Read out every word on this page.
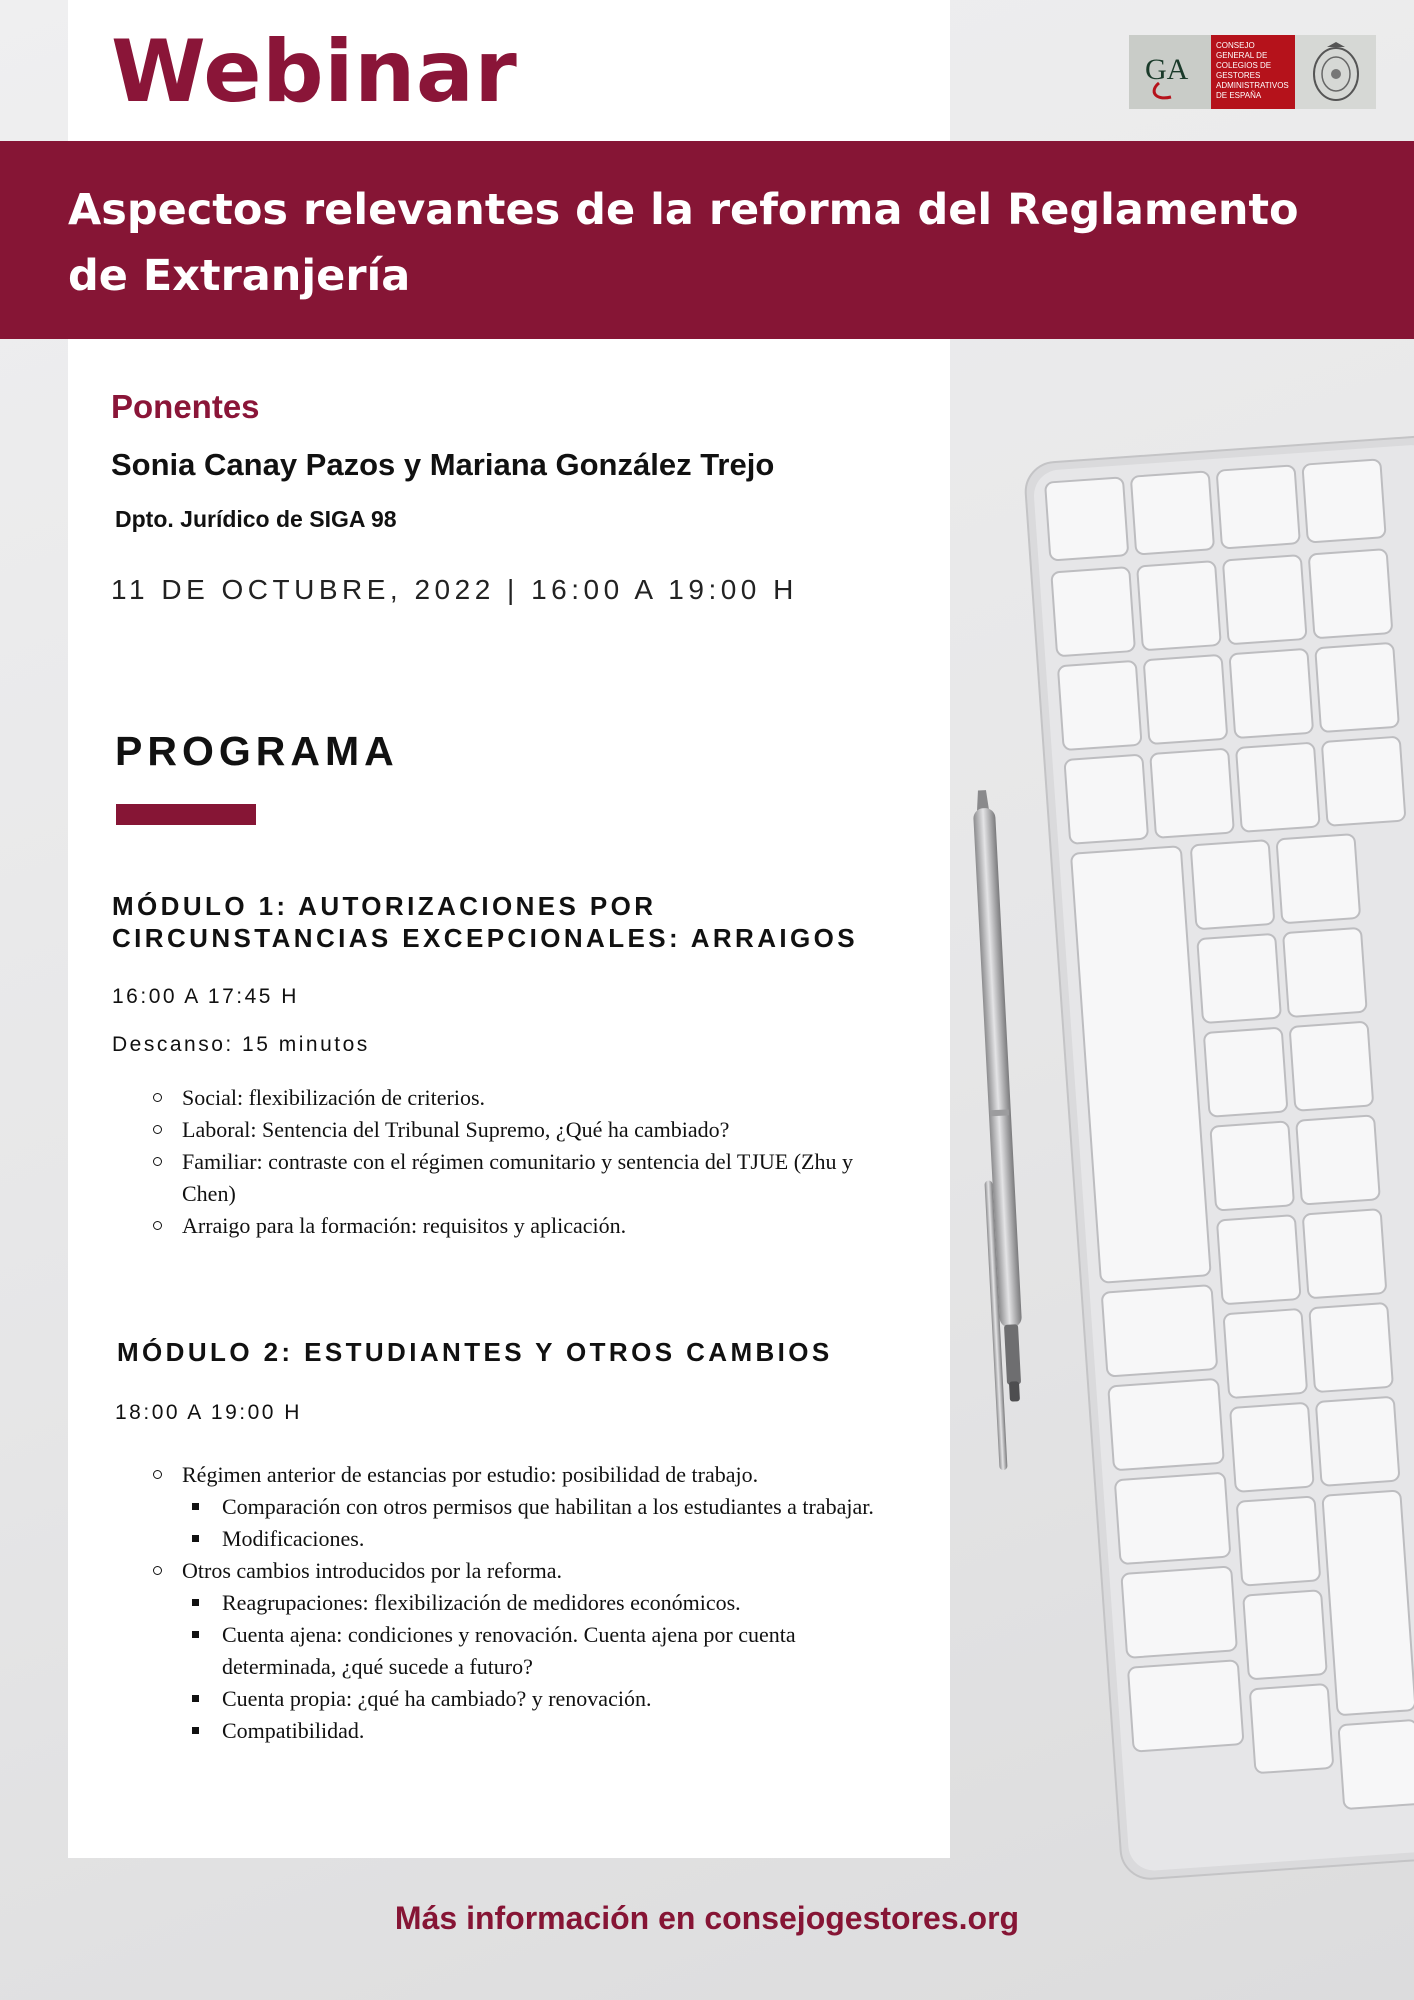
Webinar	GA
CONSEJO GENERAL DE COLEGIOS DE GESTORES ADMINISTRATIVOS DE ESPAÑA
Aspectos relevantes de la reforma del Reglamento de Extranjería
Ponentes

Sonia Canay Pazos y Mariana González Trejo

Dpto. Jurídico de SIGA 98

11 DE OCTUBRE, 2022 | 16:00 A 19:00 H

PROGRAMA
MÓDULO 1: AUTORIZACIONES POR CIRCUNSTANCIAS EXCEPCIONALES: ARRAIGOS

16:00 A 17:45 H

Descanso: 15 minutos

Social: flexibilización de criterios.
Laboral: Sentencia del Tribunal Supremo, ¿Qué ha cambiado?
Familiar: contraste con el régimen comunitario y sentencia del TJUE (Zhu y Chen)
Arraigo para la formación: requisitos y aplicación.
MÓDULO 2: ESTUDIANTES Y OTROS CAMBIOS

18:00 A 19:00 H

Régimen anterior de estancias por estudio: posibilidad de trabajo.
Comparación con otros permisos que habilitan a los estudiantes a trabajar.
Modificaciones.
Otros cambios introducidos por la reforma.
Reagrupaciones: flexibilización de medidores económicos.
Cuenta ajena: condiciones y renovación. Cuenta ajena por cuenta determinada, ¿qué sucede a futuro?
Cuenta propia: ¿qué ha cambiado? y renovación.
Compatibilidad.

Más información en consejogestores.org
